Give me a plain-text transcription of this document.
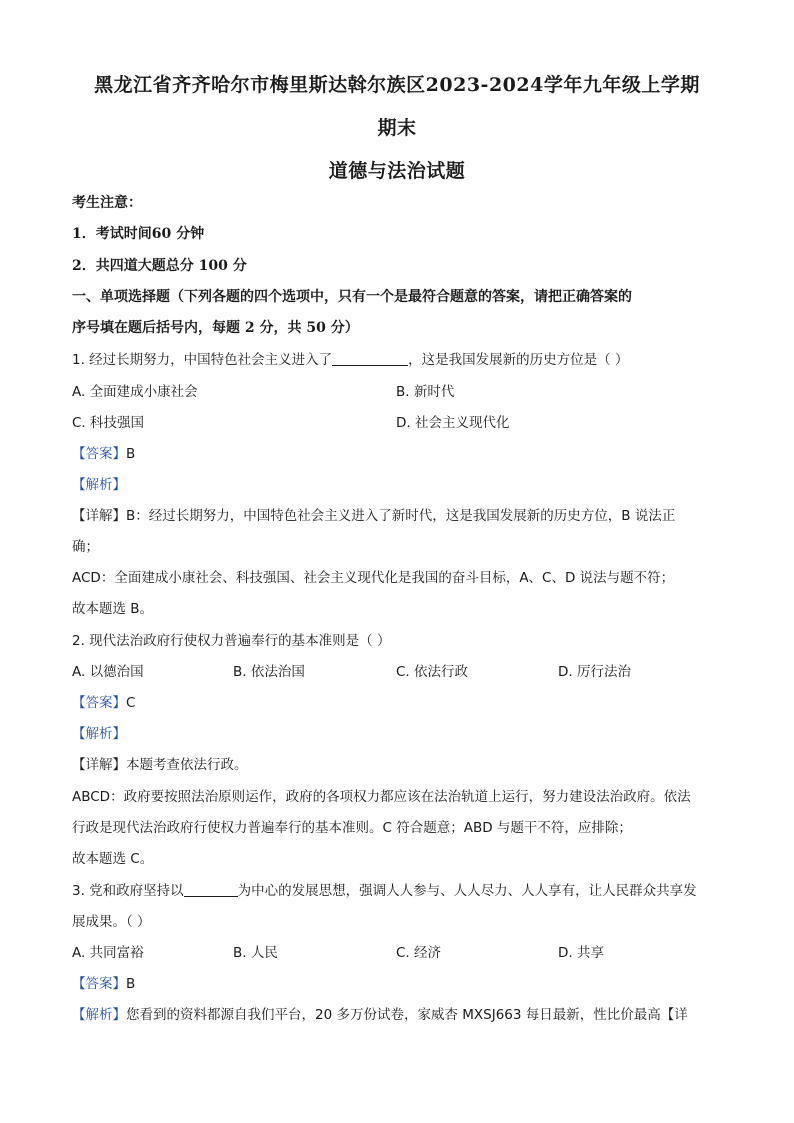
黑龙江省齐齐哈尔市梅里斯达斡尔族区2023-2024学年九年级上学期
期末
道德与法治试题
考生注意：
1．考试时间60 分钟
2．共四道大题总分 100 分
一、单项选择题（下列各题的四个选项中，只有一个是最符合题意的答案，请把正确答案的
序号填在题后括号内，每题 2 分，共 50 分）
1. 经过长期努力，中国特色社会主义进入了	，这是我国发展新的历史方位是（ ）
A. 全面建成小康社会	B. 新时代
C. 科技强国	D. 社会主义现代化
【答案】B
【解析】
【详解】B：经过长期努力，中国特色社会主义进入了新时代，这是我国发展新的历史方位，B 说法正
确；
ACD：全面建成小康社会、科技强国、社会主义现代化是我国的奋斗目标，A、C、D 说法与题不符；
故本题选 B。
2. 现代法治政府行使权力普遍奉行的基本准则是（ ）
A. 以德治国	B. 依法治国	C. 依法行政	D. 厉行法治
【答案】C
【解析】
【详解】本题考查依法行政。
ABCD：政府要按照法治原则运作，政府的各项权力都应该在法治轨道上运行，努力建设法治政府。依法
行政是现代法治政府行使权力普遍奉行的基本准则。C 符合题意；ABD 与题干不符，应排除；
故本题选 C。
3. 党和政府坚持以	为中心的发展思想，强调人人参与、人人尽力、人人享有，让人民群众共享发
展成果。（ ）
A. 共同富裕	B. 人民	C. 经济	D. 共享
【答案】B
【解析】您看到的资料都源自我们平台，20 多万份试卷，家威杏 MXSJ663 每日最新，性比价最高【详
